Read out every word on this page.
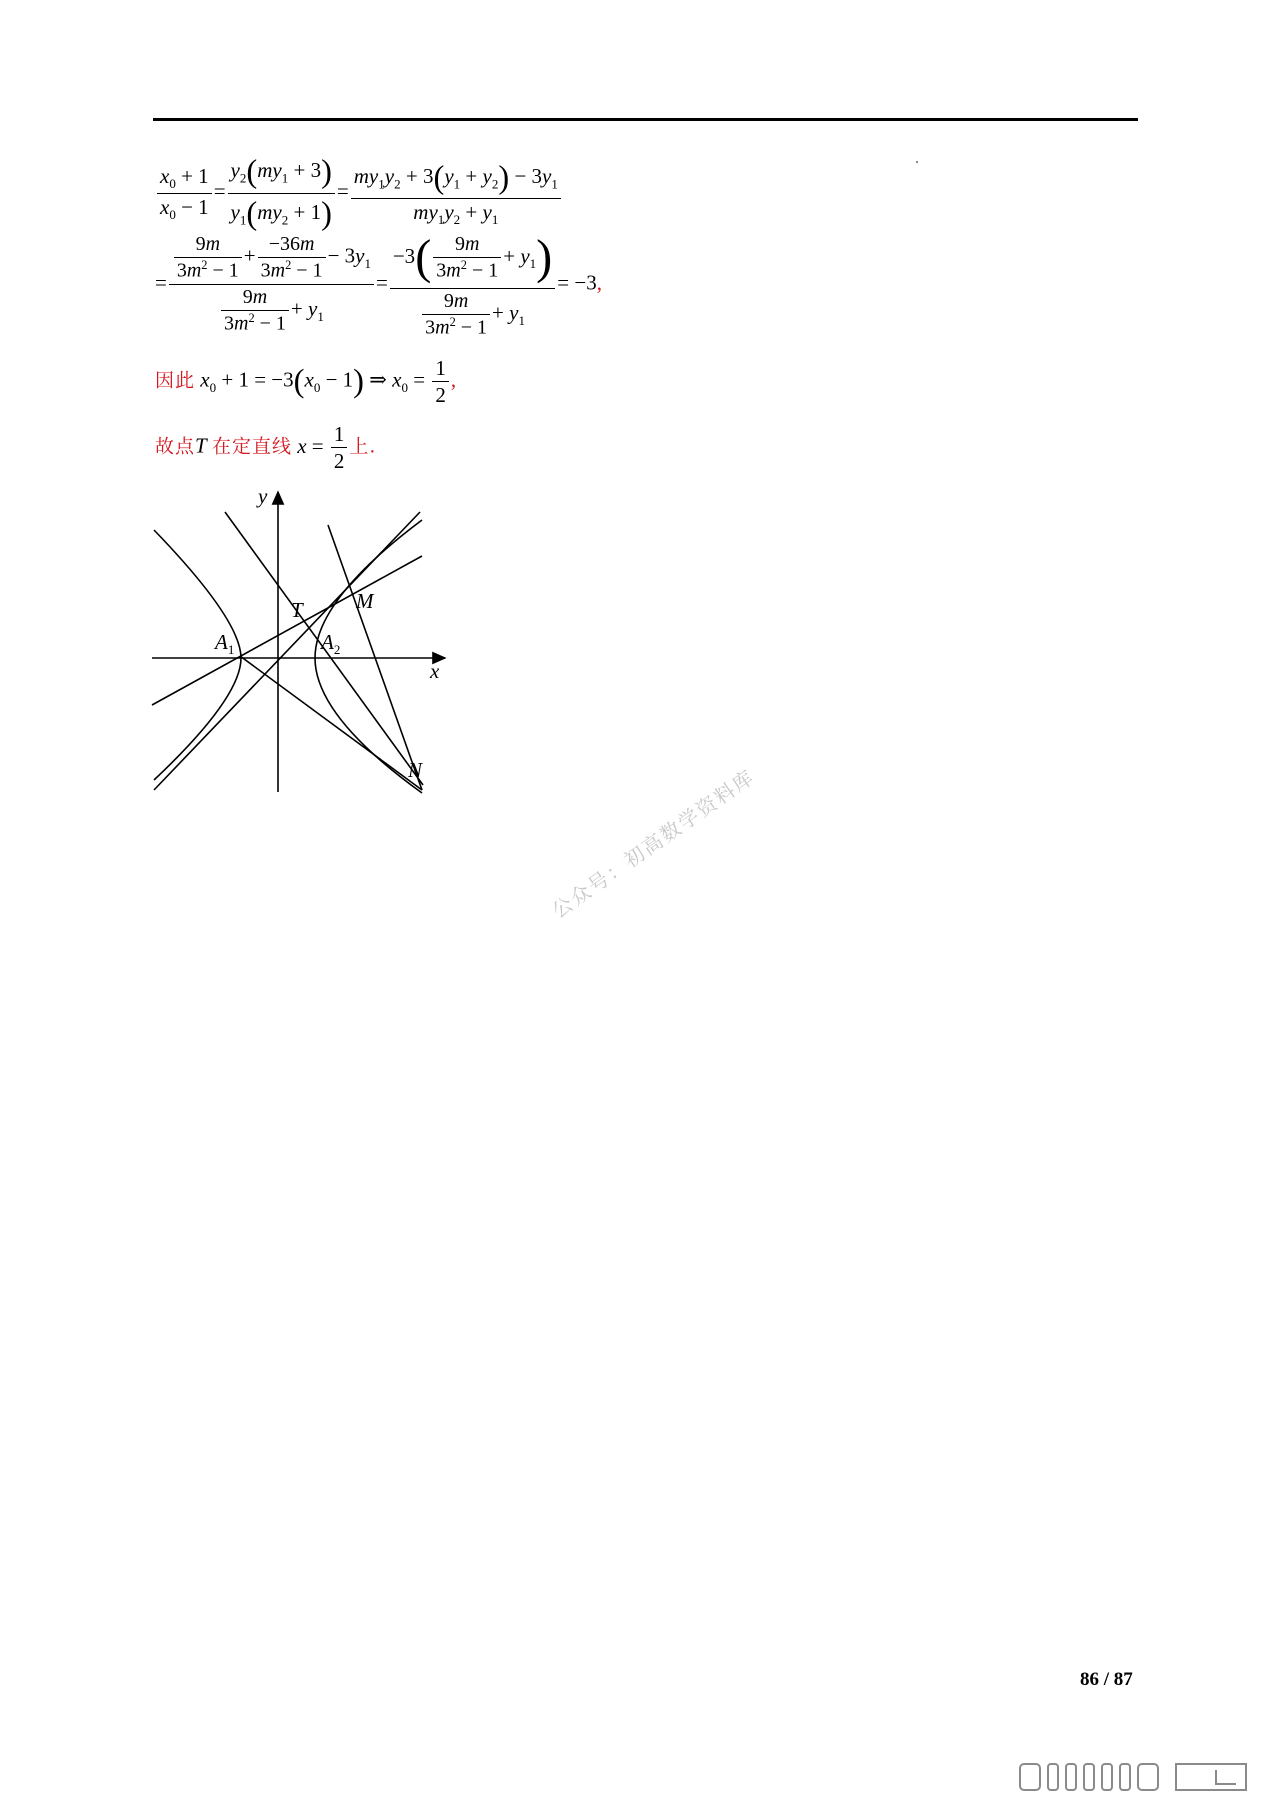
$\frac{x_0 + 1}{x_0 - 1} = \frac{y_2(my_1 + 3)}{y_1(my_2 + 1)} = \frac{my_1y_2 + 3(y_1 + y_2) - 3y_1}{my_1y_2 + y_1}$
= $\frac{\frac{9m}{3m^2 - 1} + \frac{-36m}{3m^2 - 1} - 3y_1}{\frac{9m}{3m^2 - 1} + y_1} = \frac{-3( \frac{9m}{3m^2 - 1} + y_1)}{\frac{9m}{3m^2 - 1} + y_1} = -3$,
因此 $x_0 + 1 = -3(x_0 - 1)$ ⇒ $x_0 = \frac{1}{2}$ ,
故点T 在定直线 $x = \frac{1}{2}$ 上.
y
x
T	M
N
$A_1$	$A_2$
公众号：初高数学资料库
86 / 87
